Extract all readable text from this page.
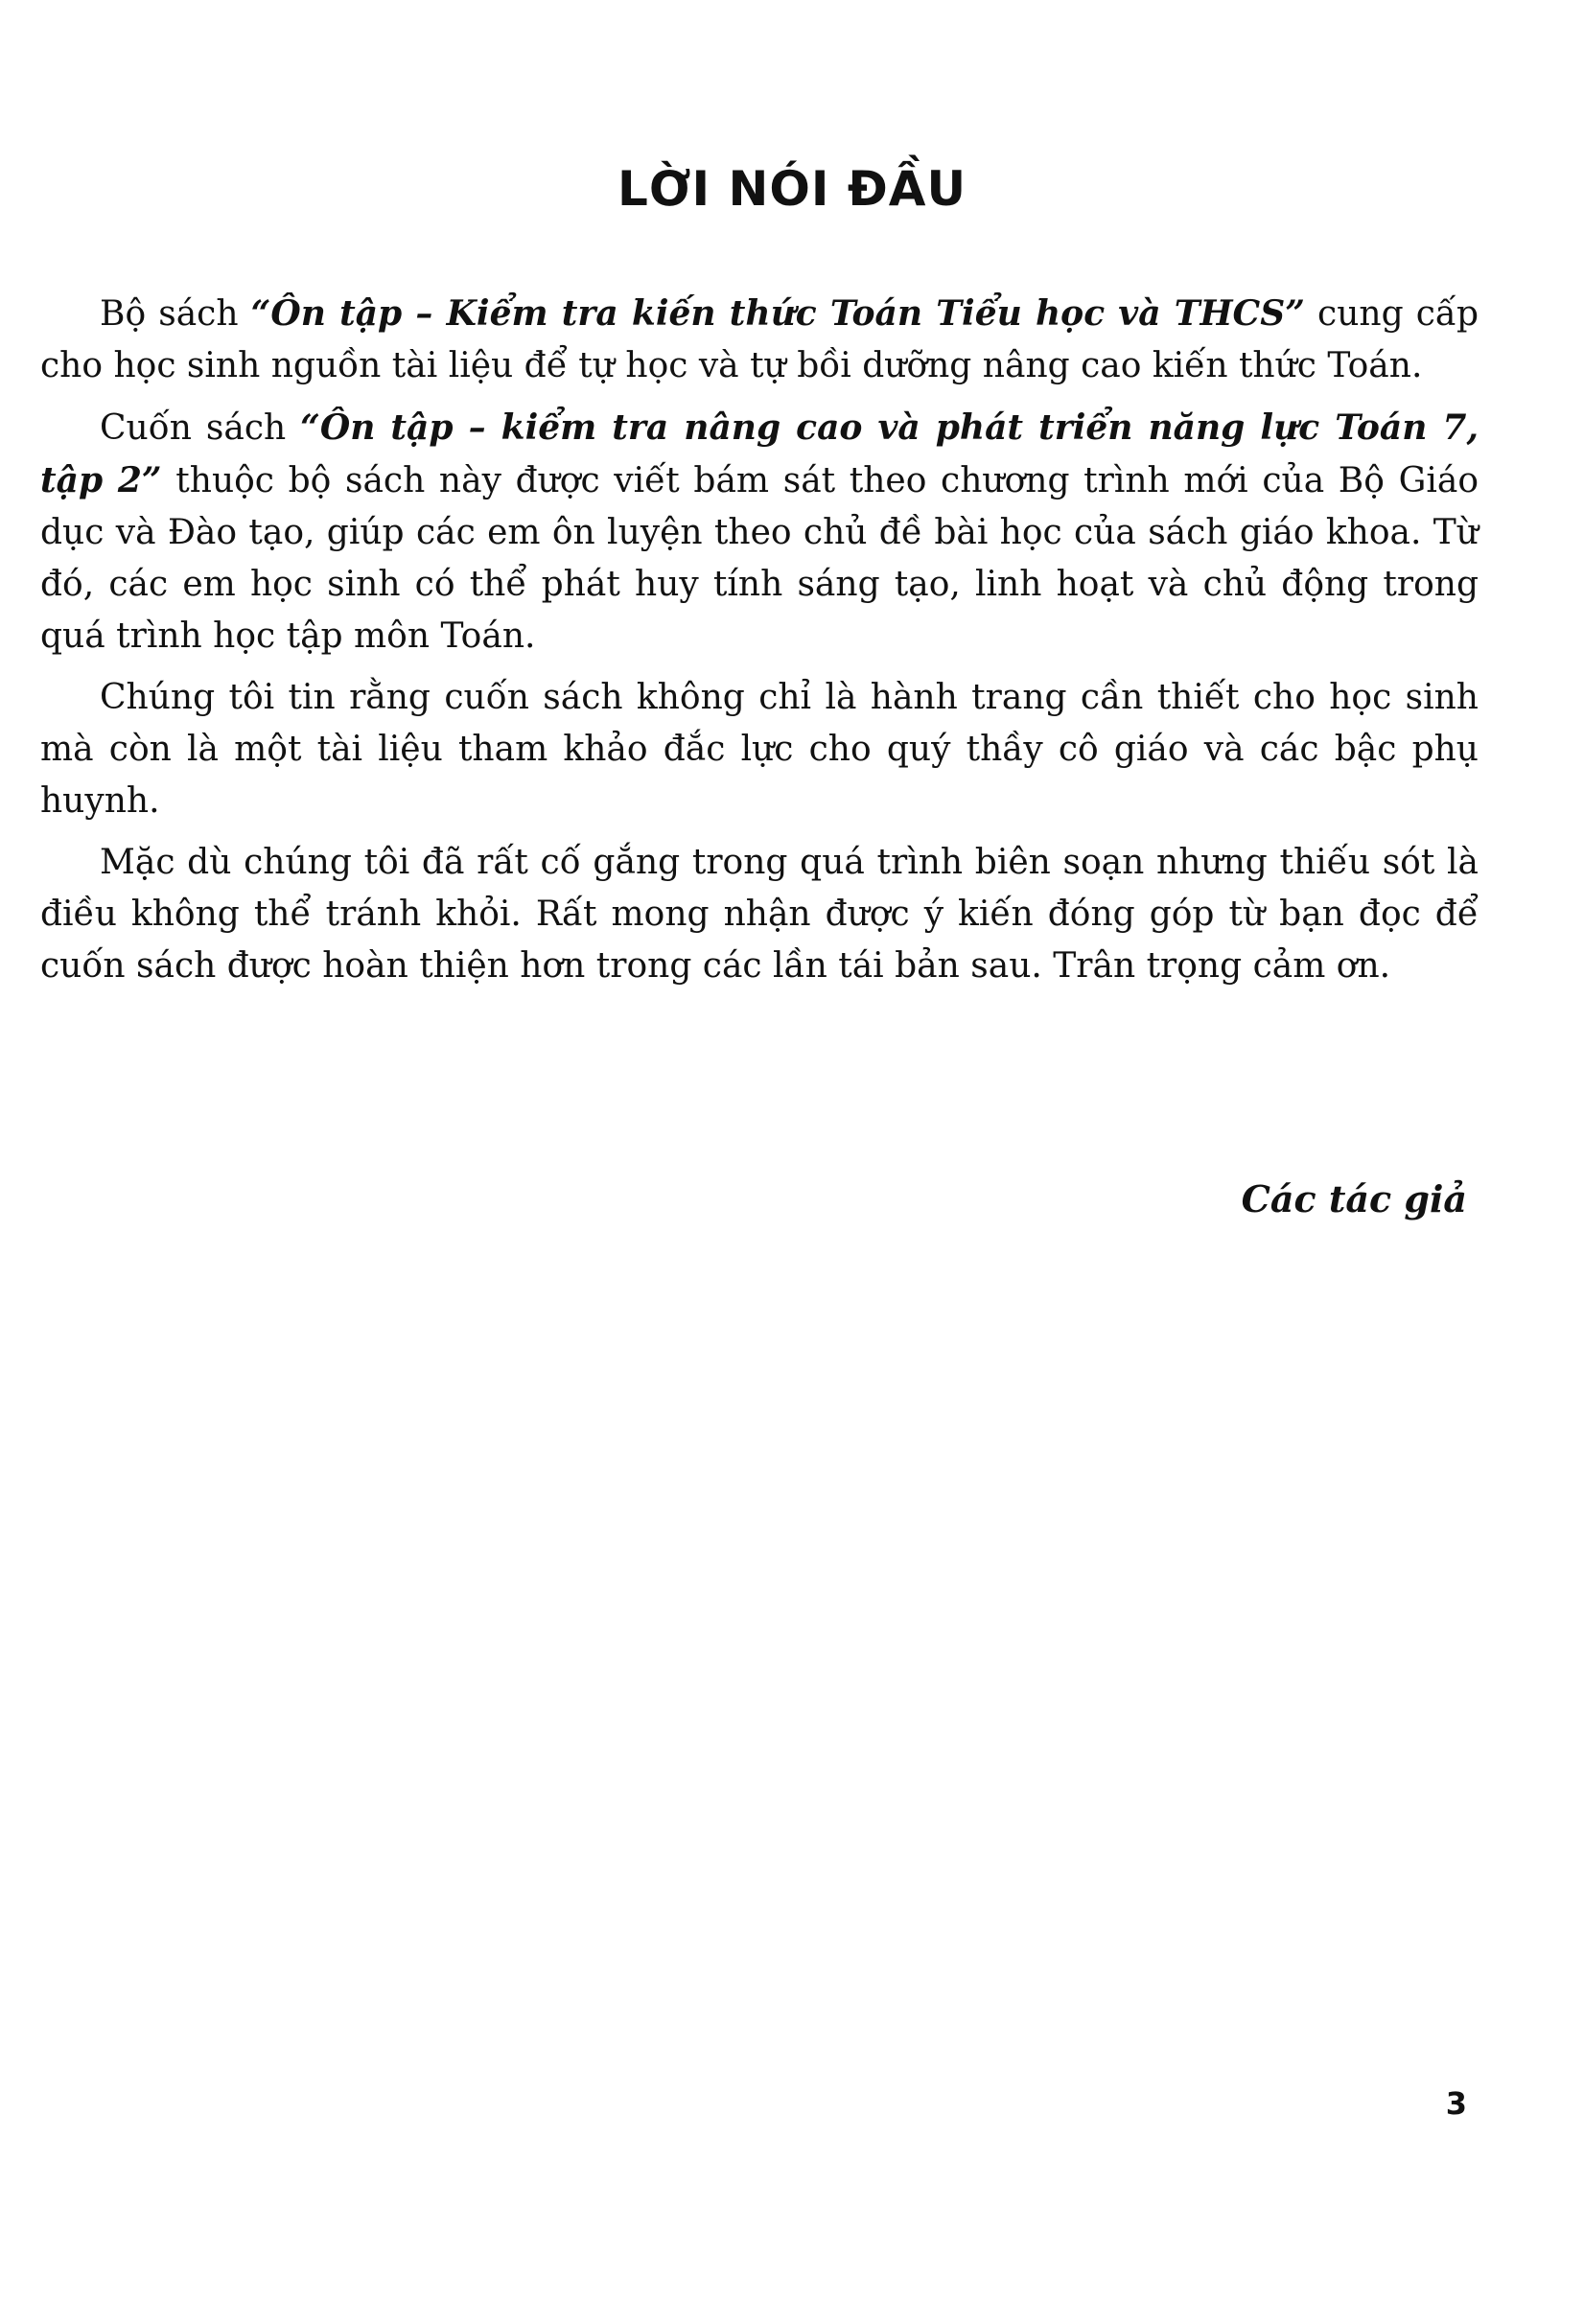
LỜI NÓI ĐẦU

Bộ sách “Ôn tập – Kiểm tra kiến thức Toán Tiểu học và THCS” cung cấp cho học sinh nguồn tài liệu để tự học và tự bồi dưỡng nâng cao kiến thức Toán.

Cuốn sách “Ôn tập – kiểm tra nâng cao và phát triển năng lực Toán 7, tập 2” thuộc bộ sách này được viết bám sát theo chương trình mới của Bộ Giáo dục và Đào tạo, giúp các em ôn luyện theo chủ đề bài học của sách giáo khoa. Từ đó, các em học sinh có thể phát huy tính sáng tạo, linh hoạt và chủ động trong quá trình học tập môn Toán.

Chúng tôi tin rằng cuốn sách không chỉ là hành trang cần thiết cho học sinh mà còn là một tài liệu tham khảo đắc lực cho quý thầy cô giáo và các bậc phụ huynh.

Mặc dù chúng tôi đã rất cố gắng trong quá trình biên soạn nhưng thiếu sót là điều không thể tránh khỏi. Rất mong nhận được ý kiến đóng góp từ bạn đọc để cuốn sách được hoàn thiện hơn trong các lần tái bản sau. Trân trọng cảm ơn.

Các tác giả
3
